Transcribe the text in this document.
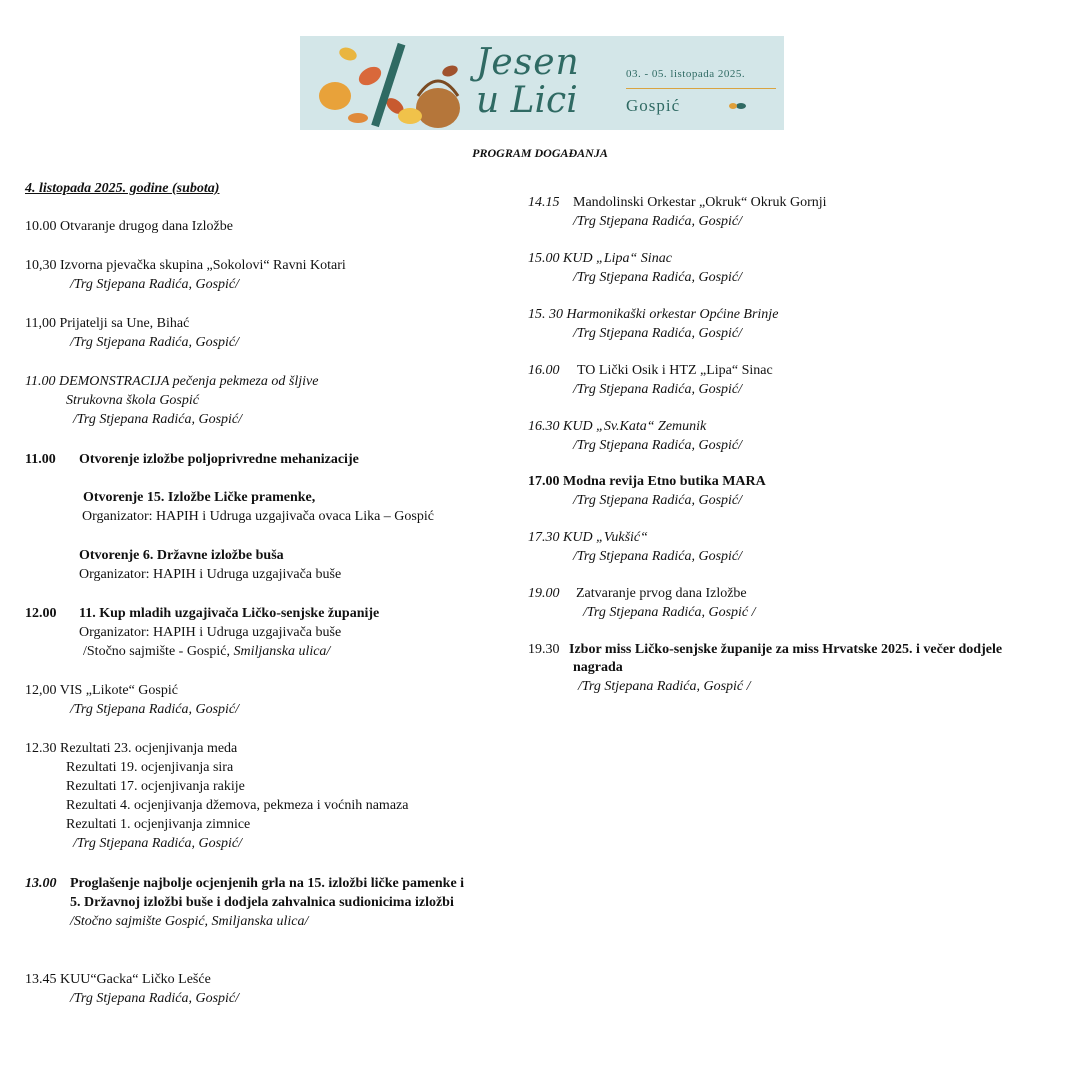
Jesen
u Lici
03. - 05. listopada 2025.
Gospić
PROGRAM DOGAĐANJA
4. listopada 2025. godine (subota)
10.00 Otvaranje drugog dana Izložbe
10,30 Izvorna pjevačka skupina „Sokolovi“ Ravni Kotari
/Trg Stjepana Radića, Gospić/
11,00 Prijatelji sa Une, Bihać
/Trg Stjepana Radića, Gospić/
11.00 DEMONSTRACIJA pečenja pekmeza od šljive
Strukovna škola Gospić
/Trg Stjepana Radića, Gospić/
11.00 Otvorenje izložbe poljoprivredne mehanizacije
Otvorenje 15. Izložbe Ličke pramenke,
Organizator: HAPIH i Udruga uzgajivača ovaca Lika – Gospić
Otvorenje 6. Državne izložbe buša
Organizator: HAPIH i Udruga uzgajivača buše
12.00 11. Kup mladih uzgajivača Ličko-senjske županije
Organizator: HAPIH i Udruga uzgajivača buše
/Stočno sajmište - Gospić, Smiljanska ulica/
12,00 VIS „Likote“ Gospić
/Trg Stjepana Radića, Gospić/
12.30 Rezultati 23. ocjenjivanja meda
Rezultati 19. ocjenjivanja sira
Rezultati 17. ocjenjivanja rakije
Rezultati 4. ocjenjivanja džemova, pekmeza i voćnih namaza
Rezultati 1. ocjenjivanja zimnice
/Trg Stjepana Radića, Gospić/
13.00 Proglašenje najbolje ocjenjenih grla na 15. izložbi ličke pamenke i
5. Državnoj izložbi buše i dodjela zahvalnica sudionicima izložbi
/Stočno sajmište Gospić, Smiljanska ulica/
13.45 KUU“Gacka“ Ličko Lešće
/Trg Stjepana Radića, Gospić/
14.15 Mandolinski Orkestar „Okruk“ Okruk Gornji
/Trg Stjepana Radića, Gospić/
15.00 KUD „Lipa“ Sinac
/Trg Stjepana Radića, Gospić/
15. 30 Harmonikaški orkestar Općine Brinje
/Trg Stjepana Radića, Gospić/
16.00 TO Lički Osik i HTZ „Lipa“ Sinac
/Trg Stjepana Radića, Gospić/
16.30 KUD „Sv.Kata“ Zemunik
/Trg Stjepana Radića, Gospić/
17.00 Modna revija Etno butika MARA
/Trg Stjepana Radića, Gospić/
17.30 KUD „Vukšić“
/Trg Stjepana Radića, Gospić/
19.00 Zatvaranje prvog dana Izložbe
/Trg Stjepana Radića, Gospić /
19.30 Izbor miss Ličko-senjske županije za miss Hrvatske 2025. i večer dodjele
nagrada
/Trg Stjepana Radića, Gospić /
